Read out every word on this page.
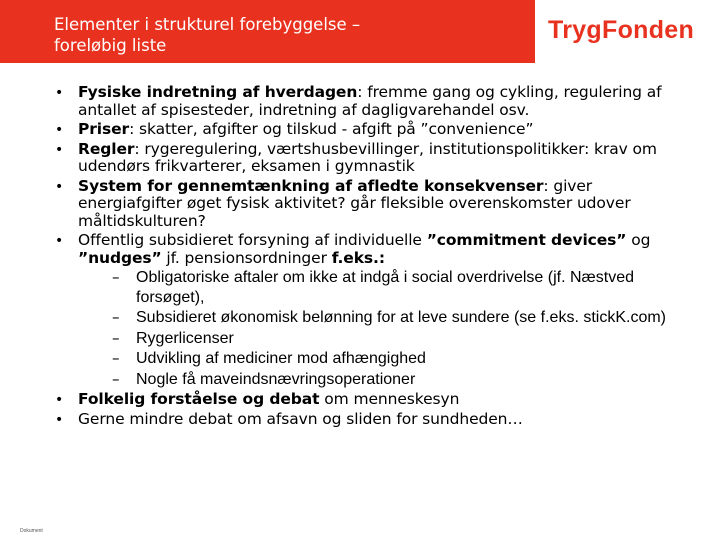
Elementer i strukturel forebyggelse –
foreløbig liste
TrygFonden
• Fysiske indretning af hverdagen: fremme gang og cykling, regulering af antallet af spisesteder, indretning af dagligvarehandel osv.
• Priser: skatter, afgifter og tilskud - afgift på ”convenience”
• Regler: rygeregulering, værtshusbevillinger, institutionspolitikker: krav om udendørs frikvarterer, eksamen i gymnastik
• System for gennemtænkning af afledte konsekvenser: giver energiafgifter øget fysisk aktivitet? går fleksible overenskomster udover måltidskulturen?
• Offentlig subsidieret forsyning af individuelle ”commitment devices” og ”nudges” jf. pensionsordninger f.eks.:
– Obligatoriske aftaler om ikke at indgå i social overdrivelse (jf. Næstved forsøget),
– Subsidieret økonomisk belønning for at leve sundere (se f.eks. stickK.com)
– Rygerlicenser
– Udvikling af mediciner mod afhængighed
– Nogle få maveindsnævringsoperationer
• Folkelig forståelse og debat om menneskesyn
• Gerne mindre debat om afsavn og sliden for sundheden…
Dokument
